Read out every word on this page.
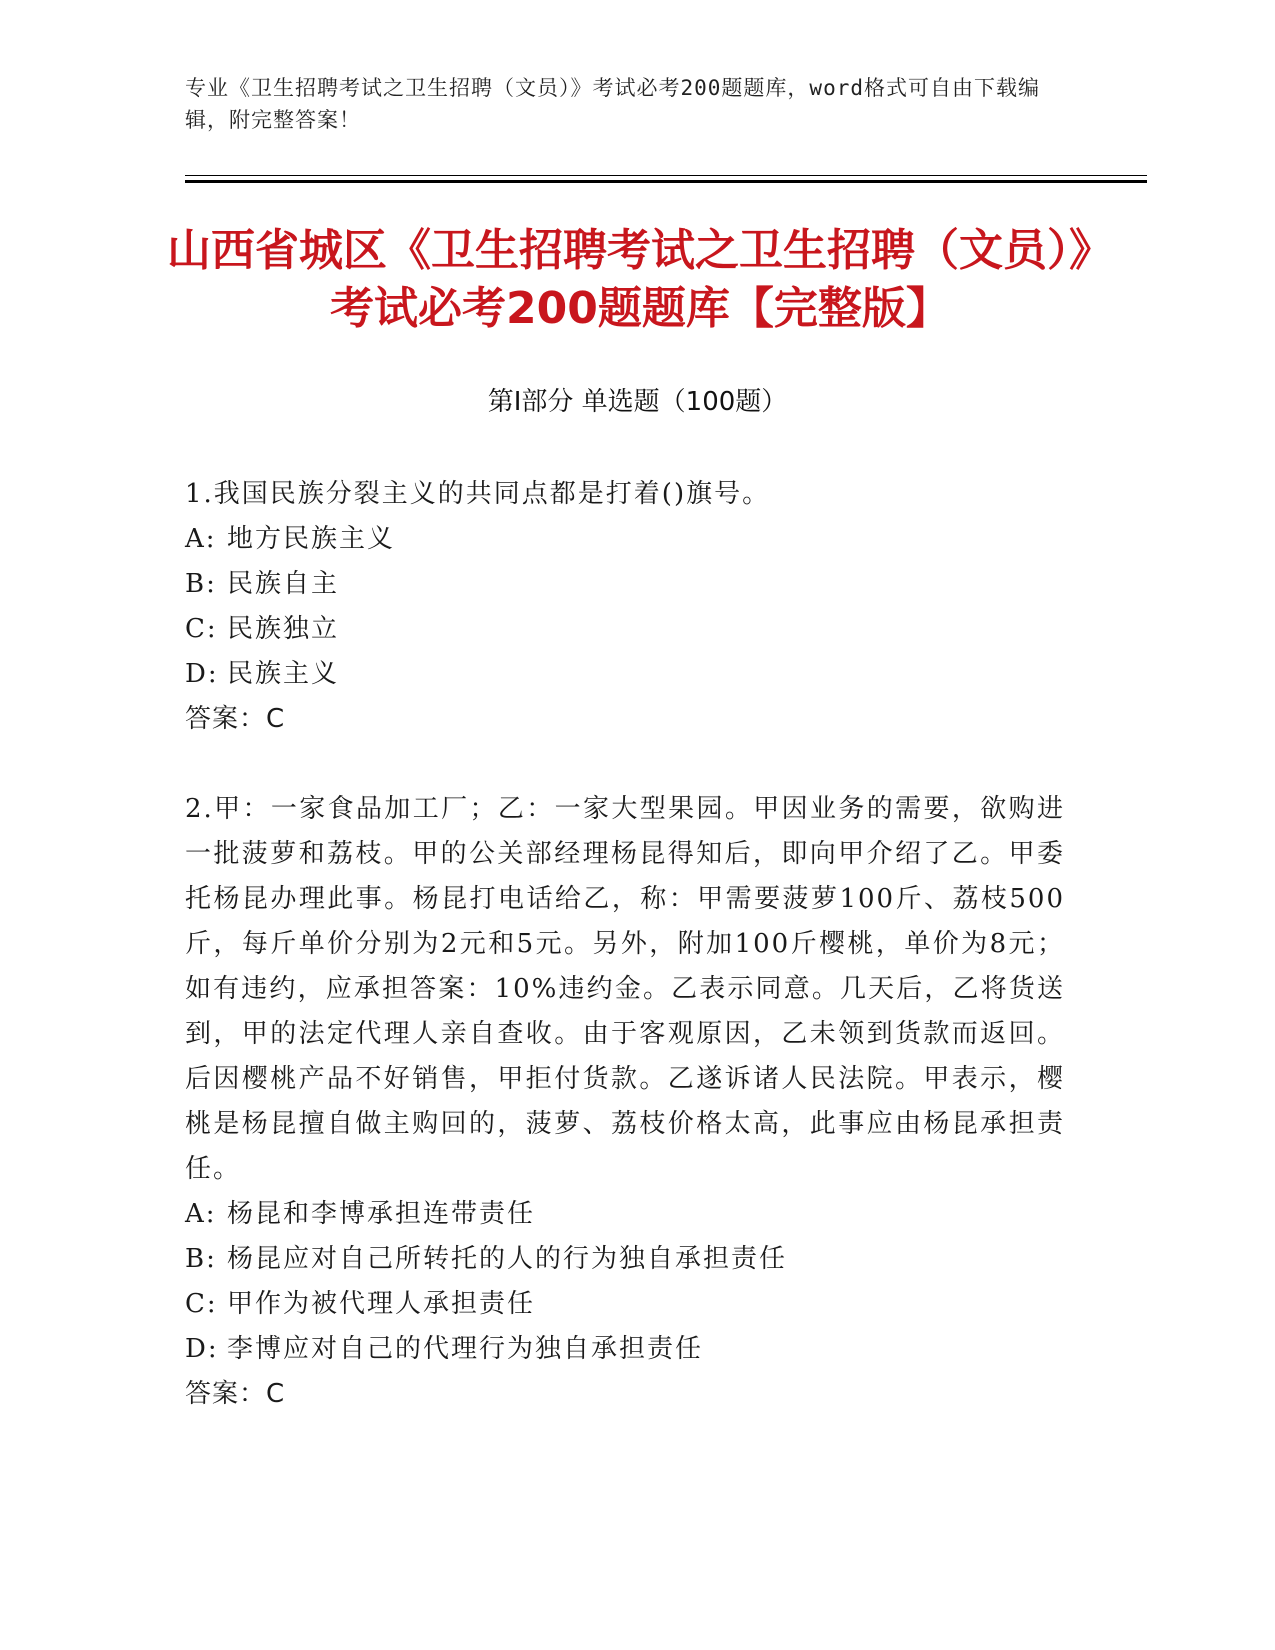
专业《卫生招聘考试之卫生招聘（文员）》考试必考200题题库，word格式可自由下载编辑，附完整答案！
山西省城区《卫生招聘考试之卫生招聘（文员）》考试必考200题题库【完整版】
第Ⅰ部分 单选题（100题）

1.我国民族分裂主义的共同点都是打着()旗号。

A: 地方民族主义

B: 民族自主

C: 民族独立

D: 民族主义

答案：C

2.甲：一家食品加工厂；乙：一家大型果园。甲因业务的需要，欲购进一批菠萝和荔枝。甲的公关部经理杨昆得知后，即向甲介绍了乙。甲委托杨昆办理此事。杨昆打电话给乙，称：甲需要菠萝100斤、荔枝500斤，每斤单价分别为2元和5元。另外，附加100斤樱桃，单价为8元；如有违约，应承担答案：10%违约金。乙表示同意。几天后，乙将货送到，甲的法定代理人亲自查收。由于客观原因，乙未领到货款而返回。后因樱桃产品不好销售，甲拒付货款。乙遂诉诸人民法院。甲表示，樱桃是杨昆擅自做主购回的，菠萝、荔枝价格太高，此事应由杨昆承担责任。

A: 杨昆和李博承担连带责任

B: 杨昆应对自己所转托的人的行为独自承担责任

C: 甲作为被代理人承担责任

D: 李博应对自己的代理行为独自承担责任

答案：C
